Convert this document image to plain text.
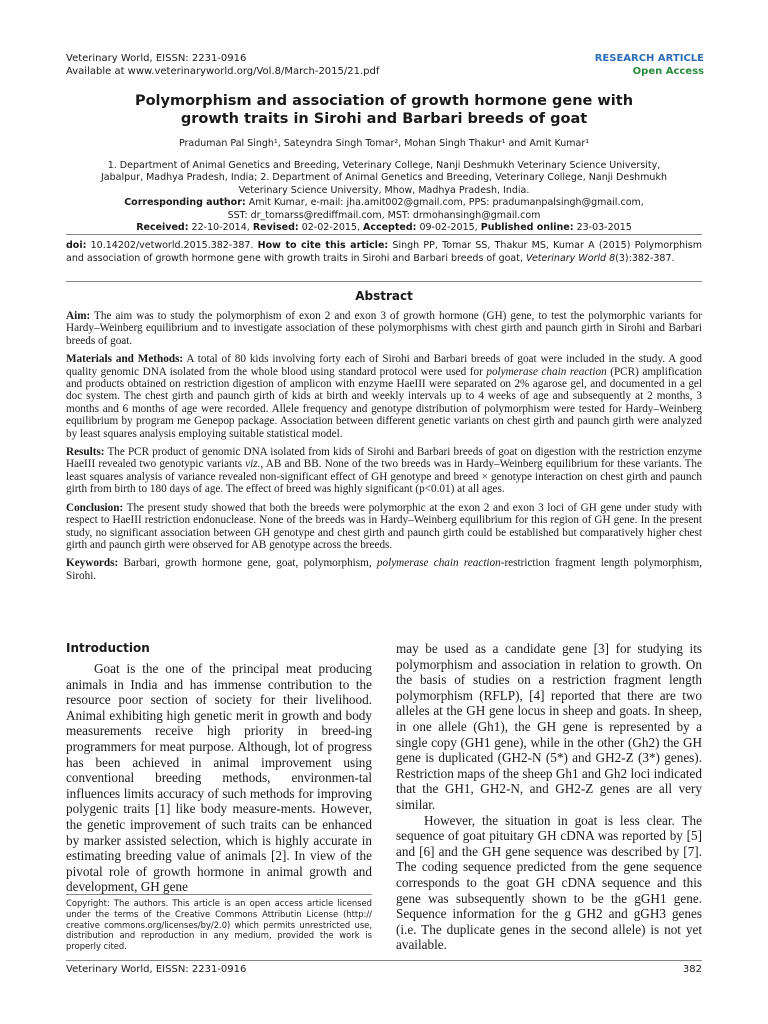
Veterinary World, EISSN: 2231-0916
Available at www.veterinaryworld.org/Vol.8/March-2015/21.pdf
RESEARCH ARTICLE
Open Access
Polymorphism and association of growth hormone gene with
growth traits in Sirohi and Barbari breeds of goat
Praduman Pal Singh¹, Sateyndra Singh Tomar², Mohan Singh Thakur¹ and Amit Kumar¹
1. Department of Animal Genetics and Breeding, Veterinary College, Nanji Deshmukh Veterinary Science University,
Jabalpur, Madhya Pradesh, India; 2. Department of Animal Genetics and Breeding, Veterinary College, Nanji Deshmukh
Veterinary Science University, Mhow, Madhya Pradesh, India.
Corresponding author: Amit Kumar, e-mail: jha.amit002@gmail.com, PPS: pradumanpalsingh@gmail.com,
SST: dr_tomarss@rediffmail.com, MST: drmohansingh@gmail.com
Received: 22-10-2014, Revised: 02-02-2015, Accepted: 09-02-2015, Published online: 23-03-2015
doi: 10.14202/vetworld.2015.382-387. How to cite this article: Singh PP, Tomar SS, Thakur MS, Kumar A (2015) Polymorphism and association of growth hormone gene with growth traits in Sirohi and Barbari breeds of goat, Veterinary World 8(3):382-387.
Abstract

Aim: The aim was to study the polymorphism of exon 2 and exon 3 of growth hormone (GH) gene, to test the polymorphic variants for Hardy–Weinberg equilibrium and to investigate association of these polymorphisms with chest girth and paunch girth in Sirohi and Barbari breeds of goat.

Materials and Methods: A total of 80 kids involving forty each of Sirohi and Barbari breeds of goat were included in the study. A good quality genomic DNA isolated from the whole blood using standard protocol were used for polymerase chain reaction (PCR) amplification and products obtained on restriction digestion of amplicon with enzyme HaeIII were separated on 2% agarose gel, and documented in a gel doc system. The chest girth and paunch girth of kids at birth and weekly intervals up to 4 weeks of age and subsequently at 2 months, 3 months and 6 months of age were recorded. Allele frequency and genotype distribution of polymorphism were tested for Hardy–Weinberg equilibrium by program me Genepop package. Association between different genetic variants on chest girth and paunch girth were analyzed by least squares analysis employing suitable statistical model.

Results: The PCR product of genomic DNA isolated from kids of Sirohi and Barbari breeds of goat on digestion with the restriction enzyme HaeIII revealed two genotypic variants viz., AB and BB. None of the two breeds was in Hardy–Weinberg equilibrium for these variants. The least squares analysis of variance revealed non-significant effect of GH genotype and breed × genotype interaction on chest girth and paunch girth from birth to 180 days of age. The effect of breed was highly significant (p<0.01) at all ages.

Conclusion: The present study showed that both the breeds were polymorphic at the exon 2 and exon 3 loci of GH gene under study with respect to HaeIII restriction endonuclease. None of the breeds was in Hardy–Weinberg equilibrium for this region of GH gene. In the present study, no significant association between GH genotype and chest girth and paunch girth could be established but comparatively higher chest girth and paunch girth were observed for AB genotype across the breeds.

Keywords: Barbari, growth hormone gene, goat, polymorphism, polymerase chain reaction-restriction fragment length polymorphism, Sirohi.

Introduction

Goat is the one of the principal meat producing animals in India and has immense contribution to the resource poor section of society for their livelihood. Animal exhibiting high genetic merit in growth and body measurements receive high priority in breed-ing programmers for meat purpose. Although, lot of progress has been achieved in animal improvement using conventional breeding methods, environmen-tal influences limits accuracy of such methods for improving polygenic traits [1] like body measure-ments. However, the genetic improvement of such traits can be enhanced by marker assisted selection, which is highly accurate in estimating breeding value of animals [2]. In view of the pivotal role of growth hormone in animal growth and development, GH gene

may be used as a candidate gene [3] for studying its polymorphism and association in relation to growth. On the basis of studies on a restriction fragment length polymorphism (RFLP), [4] reported that there are two alleles at the GH gene locus in sheep and goats. In sheep, in one allele (Gh1), the GH gene is represented by a single copy (GH1 gene), while in the other (Gh2) the GH gene is duplicated (GH2-N (5*) and GH2-Z (3*) genes). Restriction maps of the sheep Gh1 and Gh2 loci indicated that the GH1, GH2-N, and GH2-Z genes are all very similar.

However, the situation in goat is less clear. The sequence of goat pituitary GH cDNA was reported by [5] and [6] and the GH gene sequence was described by [7]. The coding sequence predicted from the gene sequence corresponds to the goat GH cDNA sequence and this gene was subsequently shown to be the gGH1 gene. Sequence information for the g GH2 and gGH3 genes (i.e. The duplicate genes in the second allele) is not yet available.

Copyright: The authors. This article is an open access article licensed under the terms of the Creative Commons Attributin License (http:// creative commons.org/licenses/by/2.0) which permits unrestricted use, distribution and reproduction in any medium, provided the work is properly cited.
Veterinary World, EISSN: 2231-0916	382
